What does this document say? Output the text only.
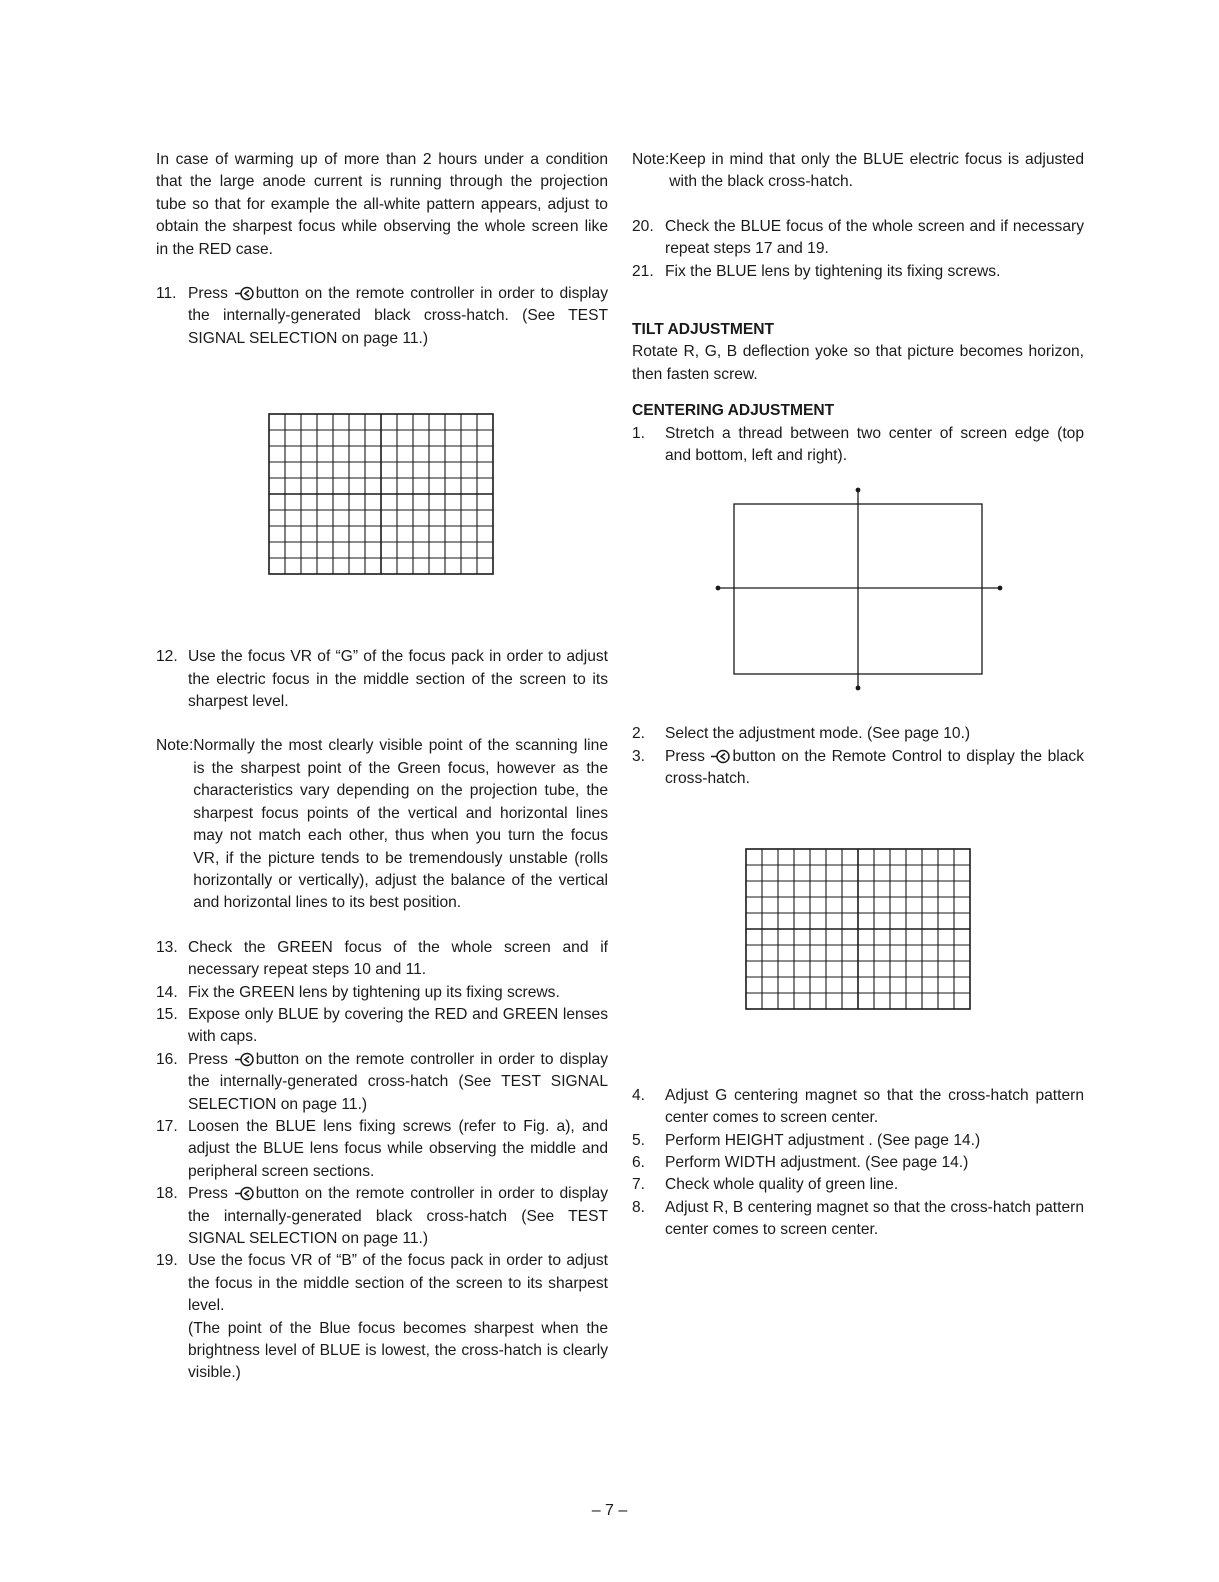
In case of warming up of more than 2 hours under a condition that the large anode current is running through the projection tube so that for example the all-white pattern appears, adjust to obtain the sharpest focus while observing the whole screen like in the RED case.

11. Press button on the remote controller in order to display the internally-generated black cross-hatch. (See TEST SIGNAL SELECTION on page 11.)
12. Use the focus VR of “G” of the focus pack in order to adjust the electric focus in the middle section of the screen to its sharpest level.
Note: Normally the most clearly visible point of the scanning line is the sharpest point of the Green focus, however as the characteristics vary depending on the projection tube, the sharpest focus points of the vertical and horizontal lines may not match each other, thus when you turn the focus VR, if the picture tends to be tremendously unstable (rolls horizontally or vertically), adjust the balance of the vertical and horizontal lines to its best position.
13. Check the GREEN focus of the whole screen and if necessary repeat steps 10 and 11.
14. Fix the GREEN lens by tightening up its fixing screws.
15. Expose only BLUE by covering the RED and GREEN lenses with caps.
16. Press button on the remote controller in order to display the internally-generated cross-hatch (See TEST SIGNAL SELECTION on page 11.)
17. Loosen the BLUE lens fixing screws (refer to Fig. a), and adjust the BLUE lens focus while observing the middle and peripheral screen sections.
18. Press button on the remote controller in order to display the internally-generated black cross-hatch (See TEST SIGNAL SELECTION on page 11.)
19. Use the focus VR of “B” of the focus pack in order to adjust the focus in the middle section of the screen to its sharpest level.
(The point of the Blue focus becomes sharpest when the brightness level of BLUE is lowest, the cross-hatch is clearly visible.)
Note: Keep in mind that only the BLUE electric focus is adjusted with the black cross-hatch.
20. Check the BLUE focus of the whole screen and if necessary repeat steps 17 and 19.
21. Fix the BLUE lens by tightening its fixing screws.

TILT ADJUSTMENT

Rotate R, G, B deflection yoke so that picture becomes horizon, then fasten screw.

CENTERING ADJUSTMENT

1.	Stretch a thread between two center of screen edge (top and bottom, left and right).
2.	Select the adjustment mode. (See page 10.)
3.	Press button on the Remote Control to display the black cross-hatch.
4.	Adjust G centering magnet so that the cross-hatch pattern center comes to screen center.
5.	Perform HEIGHT adjustment . (See page 14.)
6.	Perform WIDTH adjustment. (See page 14.)
7.	Check whole quality of green line.
8.	Adjust R, B centering magnet so that the cross-hatch pattern center comes to screen center.
– 7 –
